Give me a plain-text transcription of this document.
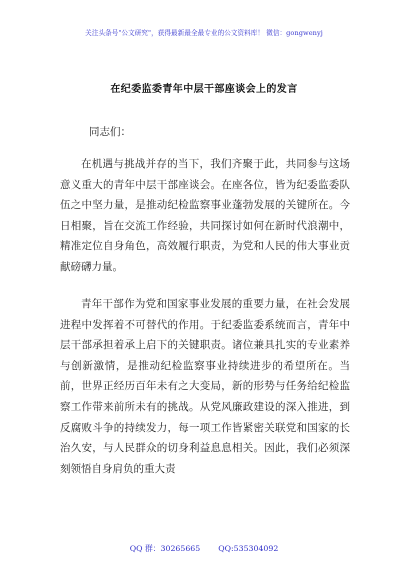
关注头条号"公文研究"，获得最新最全最专业的公文资料库！ 微信：gongwenyj
在纪委监委青年中层干部座谈会上的发言
同志们：

在机遇与挑战并存的当下，我们齐聚于此，共同参与这场意义重大的青年中层干部座谈会。在座各位，皆为纪委监委队伍之中坚力量，是推动纪检监察事业蓬勃发展的关键所在。今日相聚，旨在交流工作经验，共同探讨如何在新时代浪潮中，精准定位自身角色，高效履行职责，为党和人民的伟大事业贡献磅礴力量。

青年干部作为党和国家事业发展的重要力量，在社会发展进程中发挥着不可替代的作用。于纪委监委系统而言，青年中层干部承担着承上启下的关键职责。诸位兼具扎实的专业素养与创新激情，是推动纪检监察事业持续进步的希望所在。当前，世界正经历百年未有之大变局，新的形势与任务给纪检监察工作带来前所未有的挑战。从党风廉政建设的深入推进，到反腐败斗争的持续发力，每一项工作皆紧密关联党和国家的长治久安，与人民群众的切身利益息息相关。因此，我们必须深刻领悟自身肩负的重大责

QQ 群：30265665 QQ:535304092
